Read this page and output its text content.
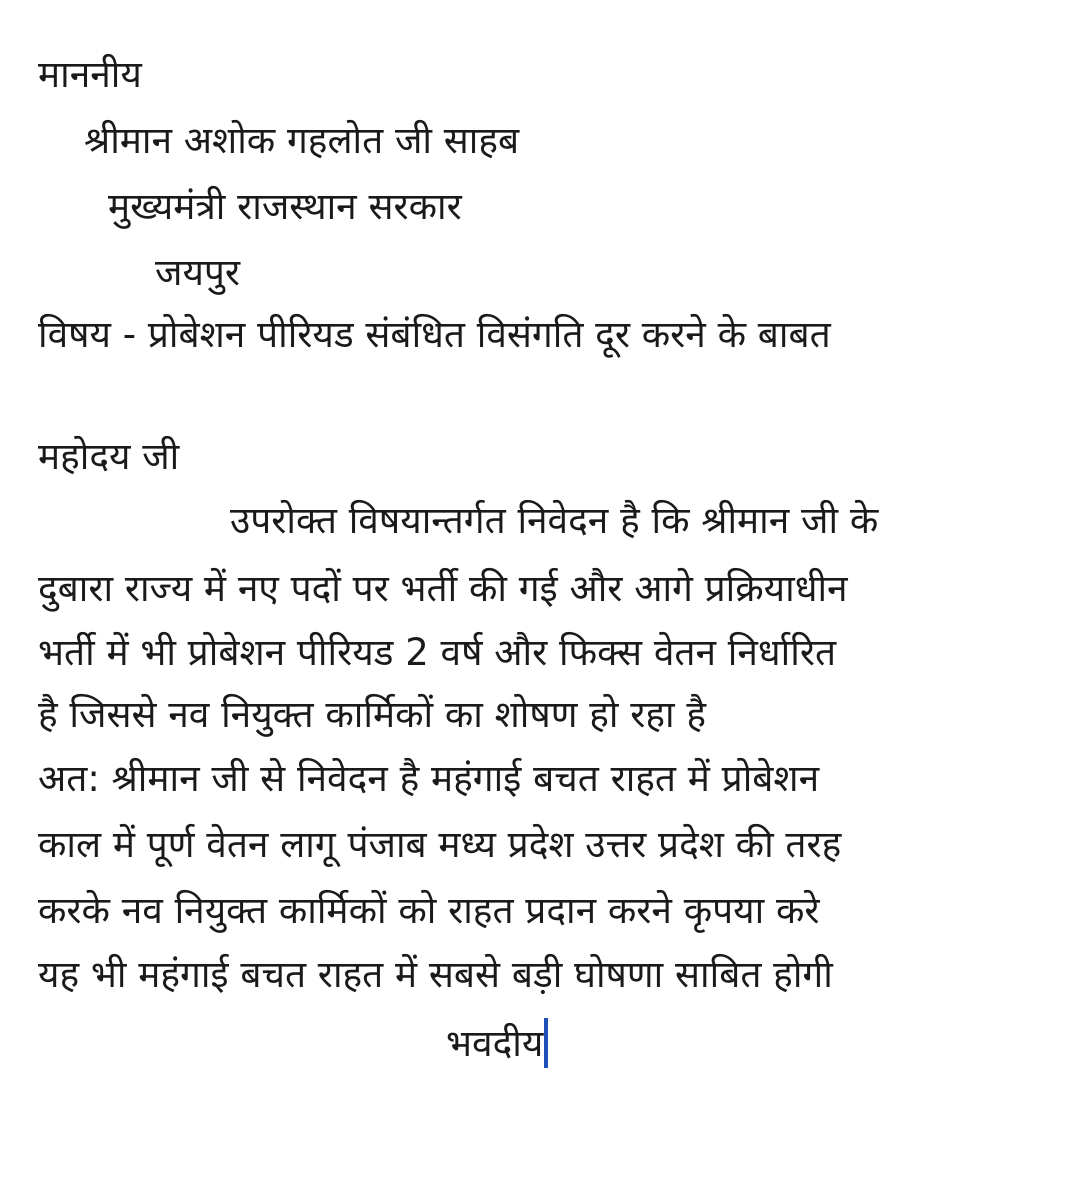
माननीय
श्रीमान अशोक गहलोत जी साहब
मुख्यमंत्री राजस्थान सरकार
जयपुर
विषय - प्रोबेशन पीरियड संबंधित विसंगति दूर करने के बाबत
महोदय जी
उपरोक्त विषयान्तर्गत निवेदन है कि श्रीमान जी के
दुबारा राज्य में नए पदों पर भर्ती की गई और आगे प्रक्रियाधीन
भर्ती में भी प्रोबेशन पीरियड 2 वर्ष और फिक्स वेतन निर्धारित
है जिससे नव नियुक्त कार्मिकों का शोषण हो रहा है
अत: श्रीमान जी से निवेदन है महंगाई बचत राहत में प्रोबेशन
काल में पूर्ण वेतन लागू पंजाब मध्य प्रदेश उत्तर प्रदेश की तरह
करके नव नियुक्त कार्मिकों को राहत प्रदान करने कृपया करे
यह भी महंगाई बचत राहत में सबसे बड़ी घोषणा साबित होगी
भवदीय
